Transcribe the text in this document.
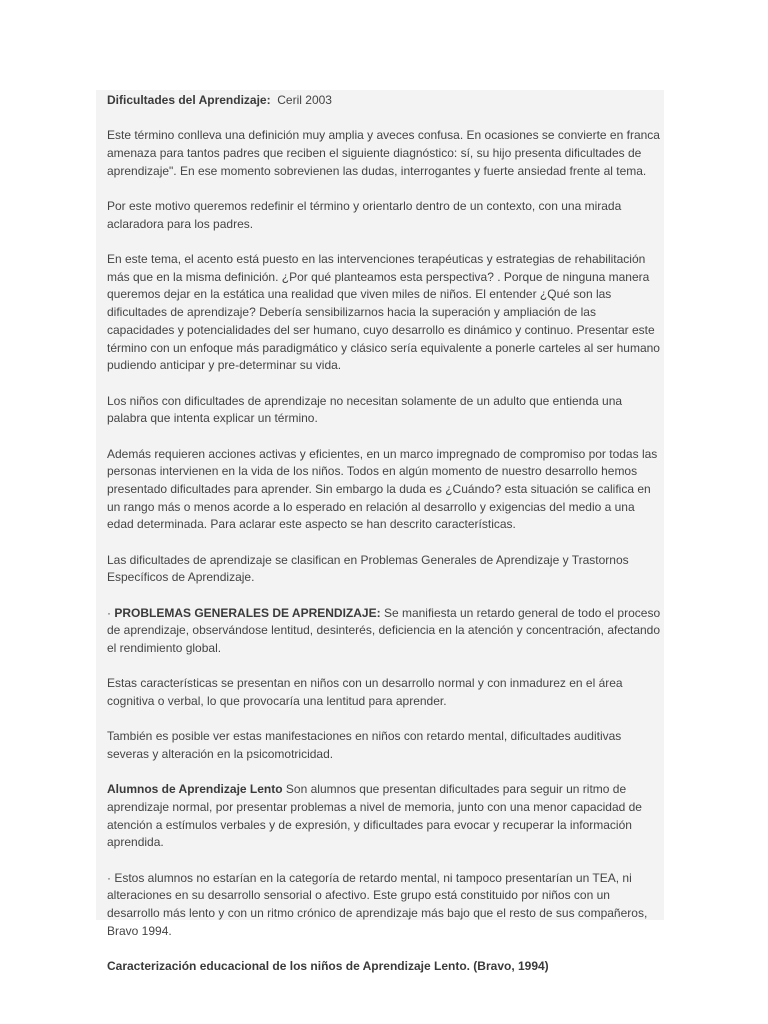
Dificultades del Aprendizaje: Ceril 2003

Este término conlleva una definición muy amplia y aveces confusa. En ocasiones se convierte en franca amenaza para tantos padres que reciben el siguiente diagnóstico: sí, su hijo presenta dificultades de aprendizaje". En ese momento sobrevienen las dudas, interrogantes y fuerte ansiedad frente al tema.

Por este motivo queremos redefinir el término y orientarlo dentro de un contexto, con una mirada aclaradora para los padres.

En este tema, el acento está puesto en las intervenciones terapéuticas y estrategias de rehabilitación más que en la misma definición. ¿Por qué planteamos esta perspectiva? . Porque de ninguna manera queremos dejar en la estática una realidad que viven miles de niños. El entender ¿Qué son las dificultades de aprendizaje? Debería sensibilizarnos hacia la superación y ampliación de las capacidades y potencialidades del ser humano, cuyo desarrollo es dinámico y continuo. Presentar este término con un enfoque más paradigmático y clásico sería equivalente a ponerle carteles al ser humano pudiendo anticipar y pre-determinar su vida.

Los niños con dificultades de aprendizaje no necesitan solamente de un adulto que entienda una palabra que intenta explicar un término.

Además requieren acciones activas y eficientes, en un marco impregnado de compromiso por todas las personas intervienen en la vida de los niños. Todos en algún momento de nuestro desarrollo hemos presentado dificultades para aprender. Sin embargo la duda es ¿Cuándo? esta situación se califica en un rango más o menos acorde a lo esperado en relación al desarrollo y exigencias del medio a una edad determinada. Para aclarar este aspecto se han descrito características.

Las dificultades de aprendizaje se clasifican en Problemas Generales de Aprendizaje y Trastornos Específicos de Aprendizaje.

· PROBLEMAS GENERALES DE APRENDIZAJE: Se manifiesta un retardo general de todo el proceso de aprendizaje, observándose lentitud, desinterés, deficiencia en la atención y concentración, afectando el rendimiento global.

Estas características se presentan en niños con un desarrollo normal y con inmadurez en el área cognitiva o verbal, lo que provocaría una lentitud para aprender.

También es posible ver estas manifestaciones en niños con retardo mental, dificultades auditivas severas y alteración en la psicomotricidad.

Alumnos de Aprendizaje Lento Son alumnos que presentan dificultades para seguir un ritmo de aprendizaje normal, por presentar problemas a nivel de memoria, junto con una menor capacidad de atención a estímulos verbales y de expresión, y dificultades para evocar y recuperar la información aprendida.

· Estos alumnos no estarían en la categoría de retardo mental, ni tampoco presentarían un TEA, ni alteraciones en su desarrollo sensorial o afectivo. Este grupo está constituido por niños con un desarrollo más lento y con un ritmo crónico de aprendizaje más bajo que el resto de sus compañeros, Bravo 1994.

Caracterización educacional de los niños de Aprendizaje Lento. (Bravo, 1994)
